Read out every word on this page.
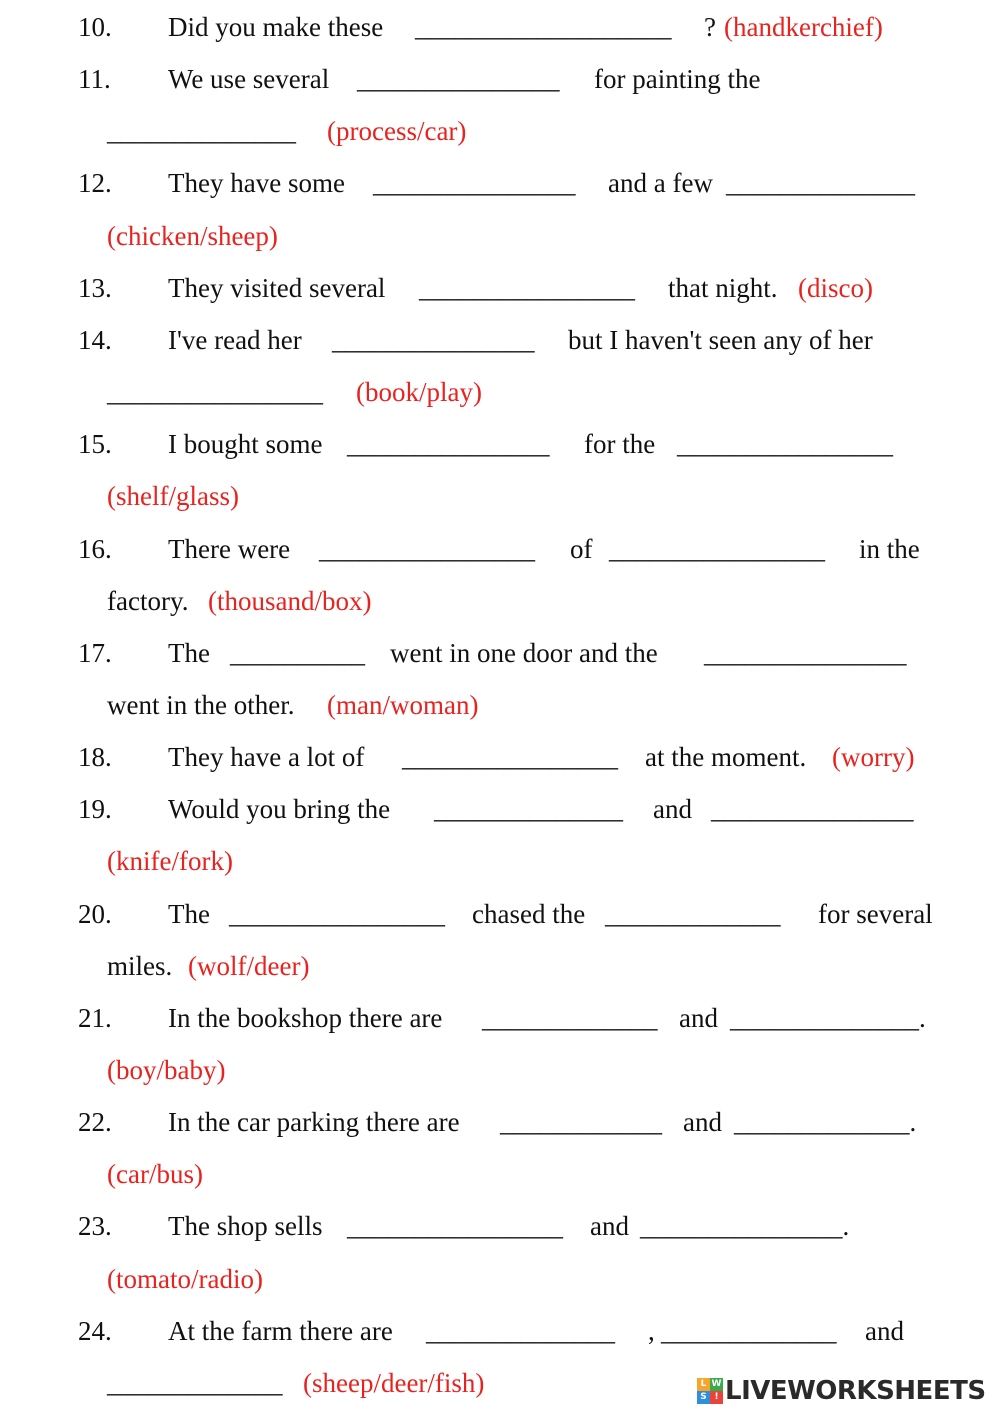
L W
S ! LIVEWORKSHEETS
10. Did you make these ___________________ ? (handkerchief)
11. We use several _______________ for painting the
______________ (process/car)
12. They have some _______________ and a few ______________
(chicken/sheep)
13. They visited several ________________ that night. (disco)
14. I've read her _______________ but I haven't seen any of her
________________ (book/play)
15. I bought some _______________ for the ________________
(shelf/glass)
16. There were ________________ of ________________ in the
factory. (thousand/box)
17. The __________ went in one door and the _______________
went in the other. (man/woman)
18. They have a lot of ________________ at the moment. (worry)
19. Would you bring the ______________ and _______________
(knife/fork)
20. The ________________ chased the _____________ for several
miles. (wolf/deer)
21. In the bookshop there are _____________ and ______________.
(boy/baby)
22. In the car parking there are ____________ and _____________.
(car/bus)
23. The shop sells ________________ and _______________.
(tomato/radio)
24. At the farm there are ______________ , _____________ and
_____________ (sheep/deer/fish)
